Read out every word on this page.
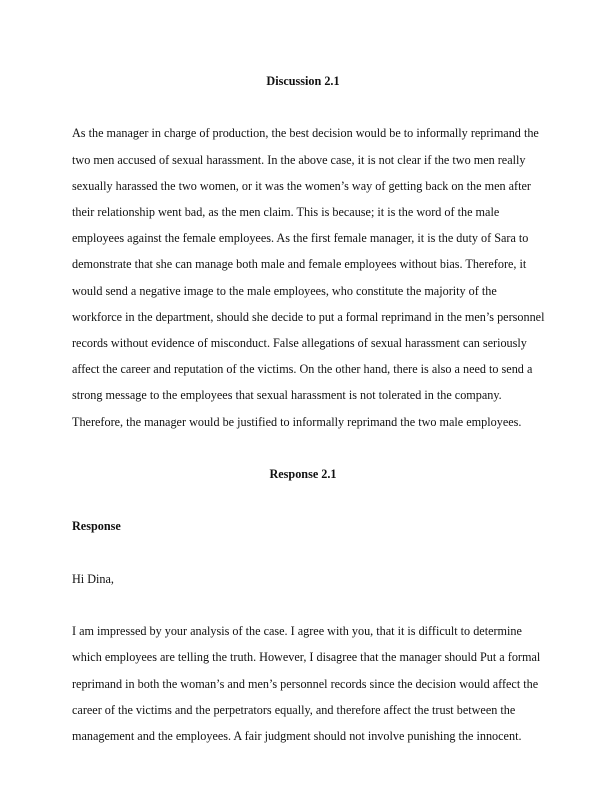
Discussion 2.1

As the manager in charge of production, the best decision would be to informally reprimand the
two men accused of sexual harassment. In the above case, it is not clear if the two men really
sexually harassed the two women, or it was the women’s way of getting back on the men after
their relationship went bad, as the men claim. This is because; it is the word of the male
employees against the female employees. As the first female manager, it is the duty of Sara to
demonstrate that she can manage both male and female employees without bias. Therefore, it
would send a negative image to the male employees, who constitute the majority of the
workforce in the department, should she decide to put a formal reprimand in the men’s personnel
records without evidence of misconduct. False allegations of sexual harassment can seriously
affect the career and reputation of the victims. On the other hand, there is also a need to send a
strong message to the employees that sexual harassment is not tolerated in the company.
Therefore, the manager would be justified to informally reprimand the two male employees.

Response 2.1

Response

Hi Dina,

I am impressed by your analysis of the case. I agree with you, that it is difficult to determine
which employees are telling the truth. However, I disagree that the manager should Put a formal
reprimand in both the woman’s and men’s personnel records since the decision would affect the
career of the victims and the perpetrators equally, and therefore affect the trust between the
management and the employees. A fair judgment should not involve punishing the innocent.
